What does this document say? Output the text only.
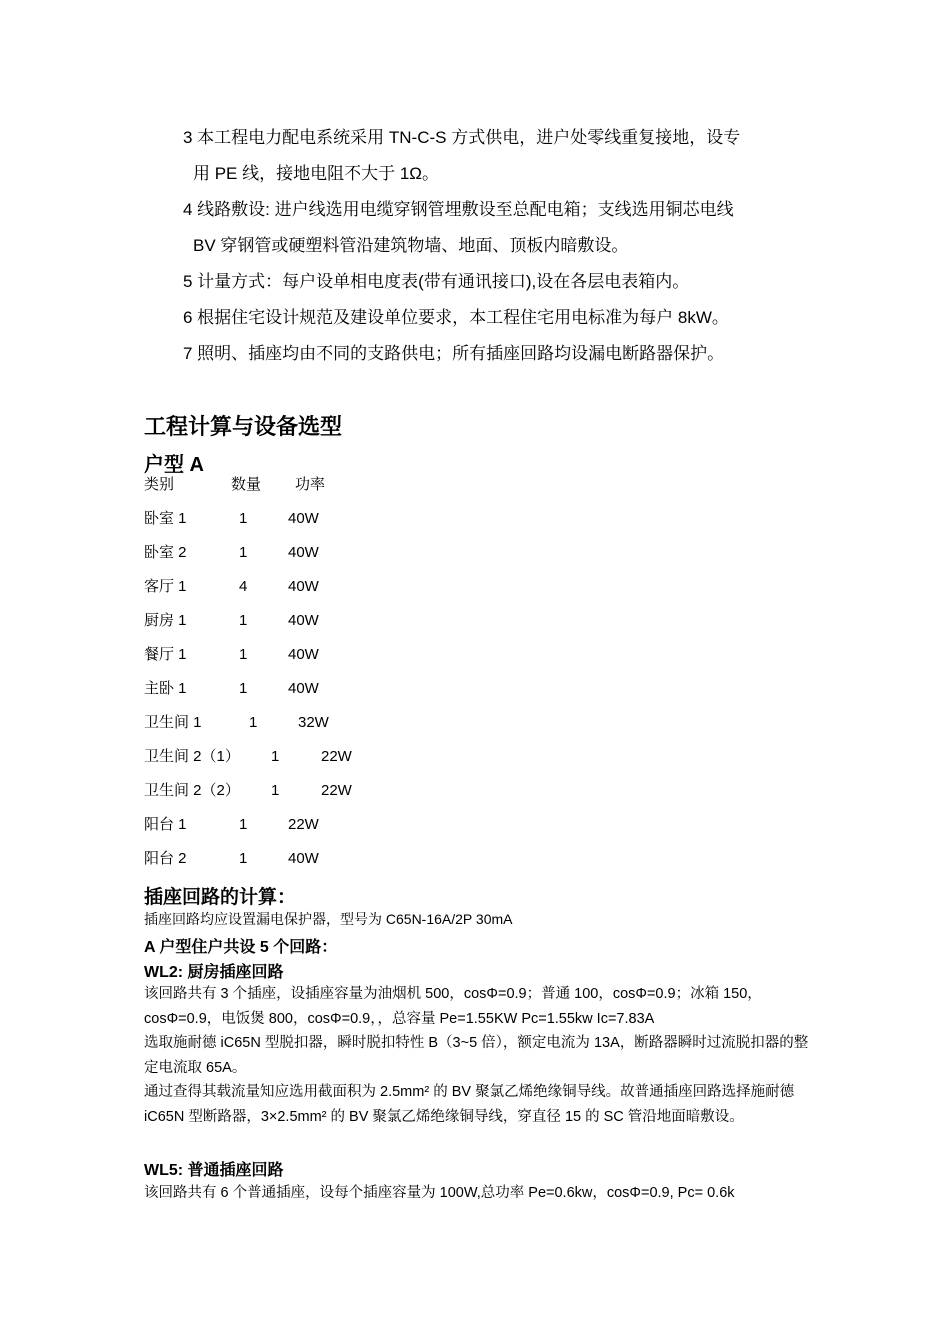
3 本工程电力配电系统采用 TN-C-S 方式供电，进户处零线重复接地，设专
用 PE 线，接地电阻不大于 1Ω。
4 线路敷设: 进户线选用电缆穿钢管埋敷设至总配电箱；支线选用铜芯电线
BV 穿钢管或硬塑料管沿建筑物墙、地面、顶板内暗敷设。
5 计量方式：每户设单相电度表(带有通讯接口),设在各层电表箱内。
6 根据住宅设计规范及建设单位要求，本工程住宅用电标准为每户 8kW。
7 照明、插座均由不同的支路供电；所有插座回路均设漏电断路器保护。
工程计算与设备选型
户型 A
类别	数量 功率
卧室 1	1	40W
卧室 2	1	40W
客厅 1	4	40W
厨房 1	1	40W
餐厅 1	1	40W
主卧 1	1	40W
卫生间 1	1	32W
卫生间 2（1） 1	22W
卫生间 2（2） 1	22W
阳台 1	1	22W
阳台 2	1	40W
插座回路的计算：
插座回路均应设置漏电保护器，型号为 C65N-16A/2P 30mA
A 户型住户共设 5 个回路：
WL2: 厨房插座回路
该回路共有 3 个插座，设插座容量为油烟机 500，cosΦ=0.9；普通 100，cosΦ=0.9；冰箱 150，cosΦ=0.9，电饭煲 800，cosΦ=0.9，，总容量 Pe=1.55KW Pc=1.55kw Ic=7.83A
选取施耐德 iC65N 型脱扣器，瞬时脱扣特性 B（3~5 倍），额定电流为 13A，断路器瞬时过流脱扣器的整定电流取 65A。
通过查得其载流量知应选用截面积为 2.5mm² 的 BV 聚氯乙烯绝缘铜导线。故普通插座回路选择施耐德 iC65N 型断路器，3×2.5mm² 的 BV 聚氯乙烯绝缘铜导线，穿直径 15 的 SC 管沿地面暗敷设。
WL5: 普通插座回路
该回路共有 6 个普通插座，设每个插座容量为 100W,总功率 Pe=0.6kw，cosΦ=0.9, Pc= 0.6k
